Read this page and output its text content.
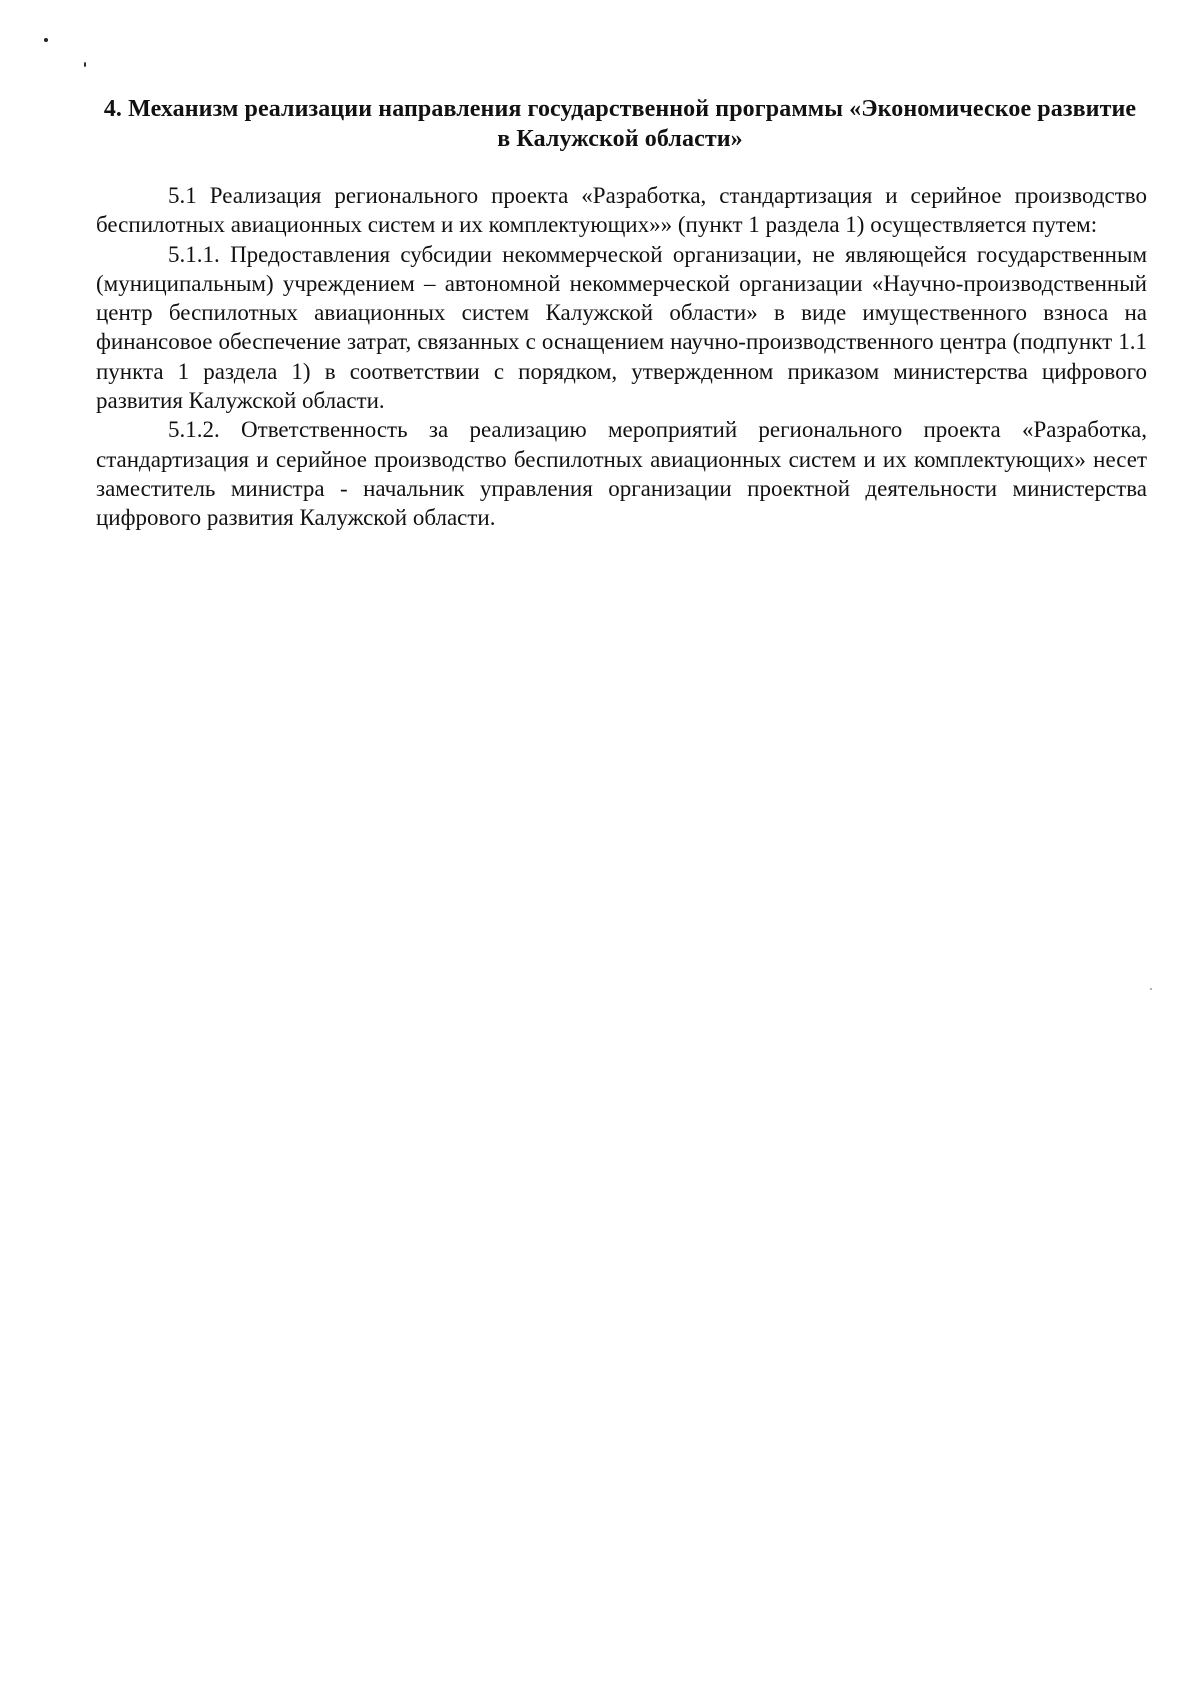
4. Механизм реализации направления государственной программы «Экономическое развитие в Калужской области»

5.1 Реализация регионального проекта «Разработка, стандартизация и серийное производство беспилотных авиационных систем и их комплектующих»» (пункт 1 раздела 1) осуществляется путем:

5.1.1. Предоставления субсидии некоммерческой организации, не являющейся государственным (муниципальным) учреждением – автономной некоммерческой организации «Научно-производственный центр беспилотных авиационных систем Калужской области» в виде имущественного взноса на финансовое обеспечение затрат, связанных с оснащением научно-производственного центра (подпункт 1.1 пункта 1 раздела 1) в соответствии с порядком, утвержденном приказом министерства цифрового развития Калужской области.

5.1.2. Ответственность за реализацию мероприятий регионального проекта «Разработка, стандартизация и серийное производство беспилотных авиационных систем и их комплектующих» несет заместитель министра - начальник управления организации проектной деятельности министерства цифрового развития Калужской области.
